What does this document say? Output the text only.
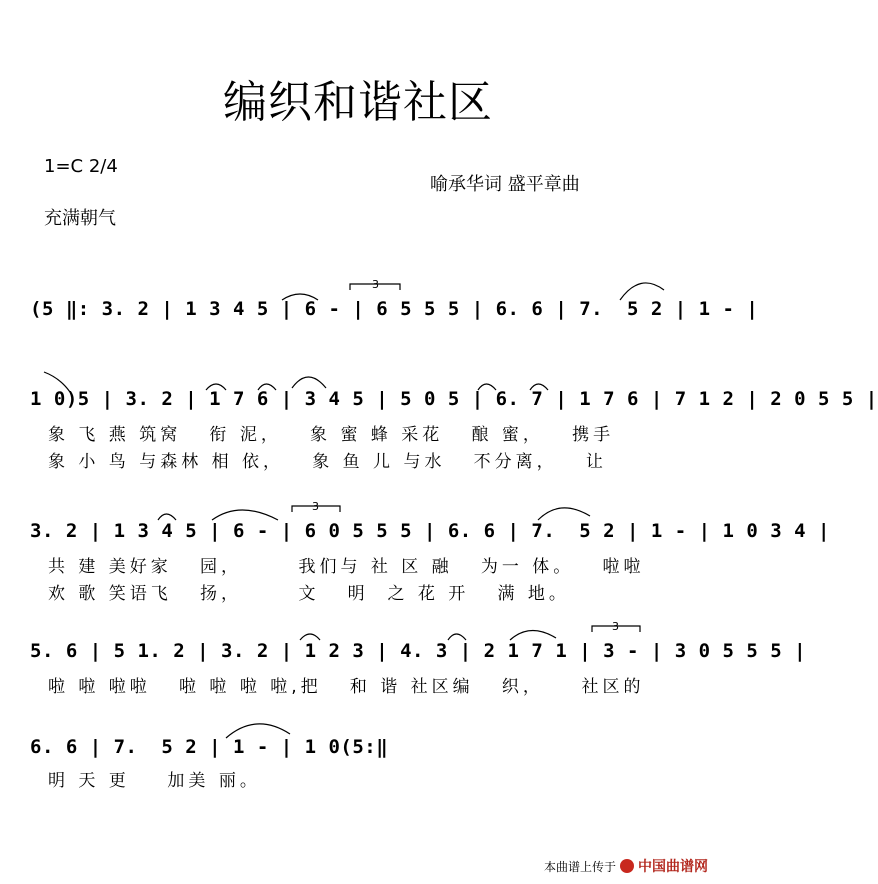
编织和谐社区
1=C 2/4
充满朝气
喻承华词 盛平章曲
(5 ‖: 3. 2 | 1 3 4 5 | 6 - | 6 5 5 5 | 6. 6 | 7.  5 2 | 1 - |
1 0)5 | 3. 2 | 1 7 6 | 3 4 5 | 5 0 5 | 6. 7 | 1 7 6 | 7 1 2 | 2 0 5 5 |
象 飞 燕 筑窝   衔 泥，   象 蜜 蜂 采花   酿 蜜，   携手
象 小 鸟 与森林 相 依，   象 鱼 儿 与水   不分离，   让
3. 2 | 1 3 4 5 | 6 - | 6 0 5 5 5 | 6. 6 | 7.  5 2 | 1 - | 1 0 3 4 |
共 建 美好家   园，      我们与 社 区 融   为一 体。   啦啦
欢 歌 笑语飞   扬，      文   明  之 花 开   满 地。
5. 6 | 5 1. 2 | 3. 2 | 1 2 3 | 4. 3 | 2 1 7 1 | 3 - | 3 0 5 5 5 |
啦 啦 啦啦   啦 啦 啦 啦,把   和 谐 社区编   织，    社区的
6. 6 | 7.  5 2 | 1 - | 1 0(5:‖
明 天 更    加美 丽。
3
3
3
本曲谱上传于 中国曲谱网
